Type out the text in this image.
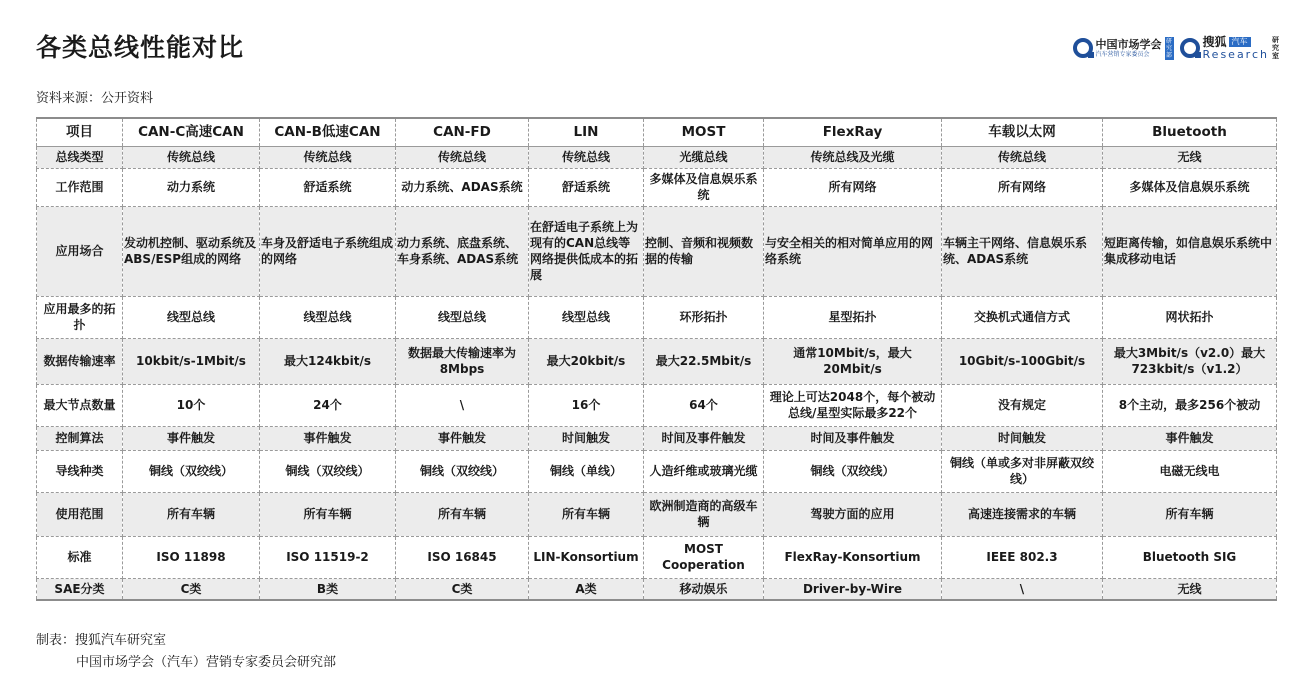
各类总线性能对比	中国市场学会
汽车营销专家委员会
研究部
搜狐 汽车
Research
研究室
资料来源：公开资料
项目	CAN-C高速CAN	CAN-B低速CAN	CAN-FD	LIN	MOST	FlexRay	车载以太网	Bluetooth
总线类型	传统总线	传统总线	传统总线	传统总线	光缆总线	传统总线及光缆	传统总线	无线
工作范围	动力系统	舒适系统	动力系统、ADAS系统	舒适系统	多媒体及信息娱乐系统	所有网络	所有网络	多媒体及信息娱乐系统
应用场合	发动机控制、驱动系统及ABS/ESP组成的网络	车身及舒适电子系统组成的网络	动力系统、底盘系统、车身系统、ADAS系统	在舒适电子系统上为现有的CAN总线等网络提供低成本的拓展	控制、音频和视频数据的传输	与安全相关的相对简单应用的网络系统	车辆主干网络、信息娱乐系统、ADAS系统	短距离传输，如信息娱乐系统中集成移动电话
应用最多的拓扑	线型总线	线型总线	线型总线	线型总线	环形拓扑	星型拓扑	交换机式通信方式	网状拓扑
数据传输速率	10kbit/s-1Mbit/s	最大124kbit/s	数据最大传输速率为8Mbps	最大20kbit/s	最大22.5Mbit/s	通常10Mbit/s，最大20Mbit/s	10Gbit/s-100Gbit/s	最大3Mbit/s（v2.0）最大723kbit/s（v1.2）
最大节点数量	10个	24个	\	16个	64个	理论上可达2048个，每个被动总线/星型实际最多22个	没有规定	8个主动，最多256个被动
控制算法	事件触发	事件触发	事件触发	时间触发	时间及事件触发	时间及事件触发	时间触发	事件触发
导线种类	铜线（双绞线）	铜线（双绞线）	铜线（双绞线）	铜线（单线）	人造纤维或玻璃光缆	铜线（双绞线）	铜线（单或多对非屏蔽双绞线）	电磁无线电
使用范围	所有车辆	所有车辆	所有车辆	所有车辆	欧洲制造商的高级车辆	驾驶方面的应用	高速连接需求的车辆	所有车辆
标准	ISO 11898	ISO 11519-2	ISO 16845	LIN-Konsortium	MOST Cooperation	FlexRay-Konsortium	IEEE 802.3	Bluetooth SIG
SAE分类	C类	B类	C类	A类	移动娱乐	Driver-by-Wire	\	无线
制表：搜狐汽车研究室
中国市场学会（汽车）营销专家委员会研究部
